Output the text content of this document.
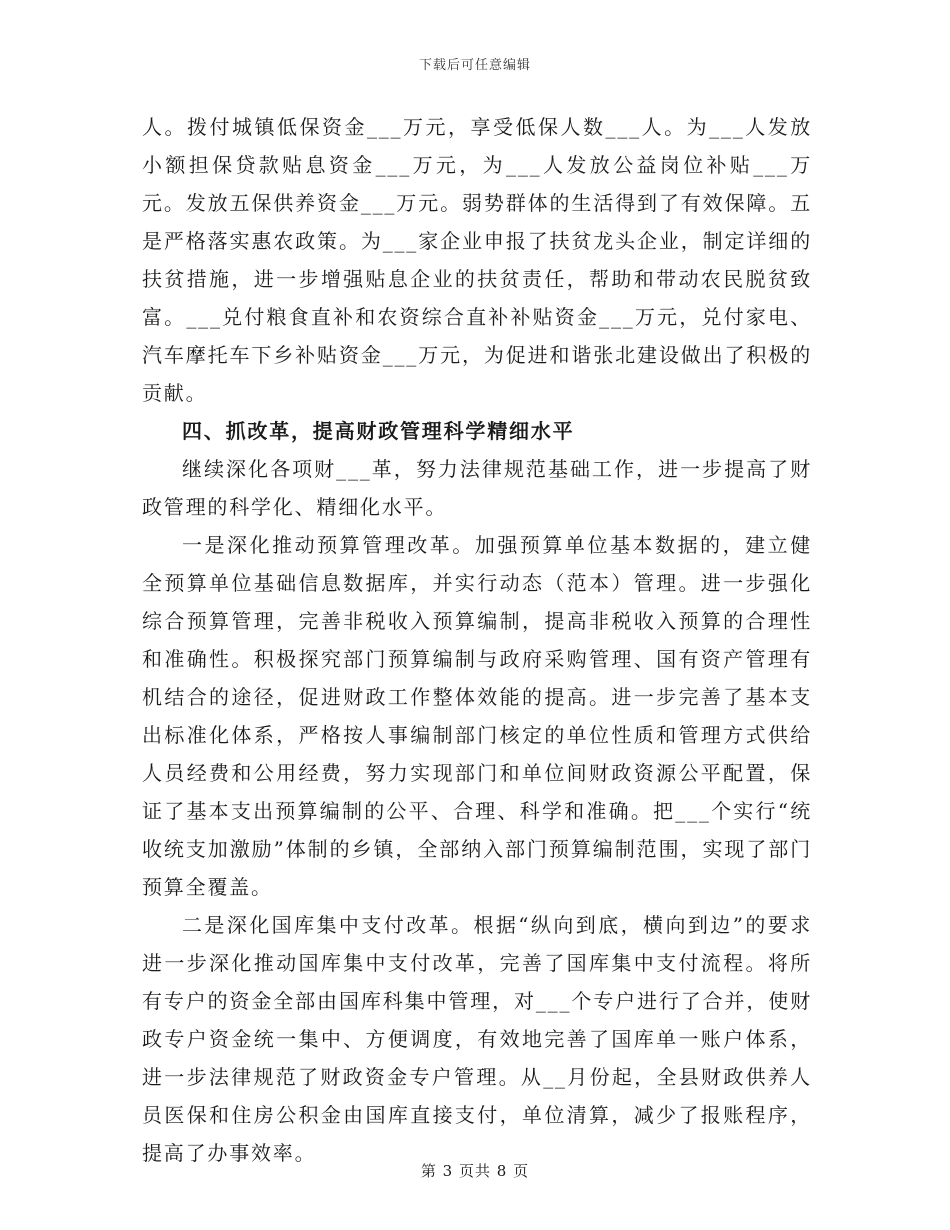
下载后可任意编辑

人。拨付城镇低保资金___万元，享受低保人数___人。为___人发放小额担保贷款贴息资金___万元，为___人发放公益岗位补贴___万元。发放五保供养资金___万元。弱势群体的生活得到了有效保障。五是严格落实惠农政策。为___家企业申报了扶贫龙头企业，制定详细的扶贫措施，进一步增强贴息企业的扶贫责任，帮助和带动农民脱贫致富。___兑付粮食直补和农资综合直补补贴资金___万元，兑付家电、汽车摩托车下乡补贴资金___万元，为促进和谐张北建设做出了积极的贡献。

四、抓改革，提高财政管理科学精细水平

继续深化各项财___革，努力法律规范基础工作，进一步提高了财政管理的科学化、精细化水平。

一是深化推动预算管理改革。加强预算单位基本数据的，建立健全预算单位基础信息数据库，并实行动态（范本）管理。进一步强化综合预算管理，完善非税收入预算编制，提高非税收入预算的合理性和准确性。积极探究部门预算编制与政府采购管理、国有资产管理有机结合的途径，促进财政工作整体效能的提高。进一步完善了基本支出标准化体系，严格按人事编制部门核定的单位性质和管理方式供给人员经费和公用经费，努力实现部门和单位间财政资源公平配置，保证了基本支出预算编制的公平、合理、科学和准确。把___个实行“统收统支加激励”体制的乡镇，全部纳入部门预算编制范围，实现了部门预算全覆盖。

二是深化国库集中支付改革。根据“纵向到底，横向到边”的要求进一步深化推动国库集中支付改革，完善了国库集中支付流程。将所有专户的资金全部由国库科集中管理，对___个专户进行了合并，使财政专户资金统一集中、方便调度，有效地完善了国库单一账户体系，进一步法律规范了财政资金专户管理。从__月份起，全县财政供养人员医保和住房公积金由国库直接支付，单位清算，减少了报账程序，提高了办事效率。

第 3 页共 8 页
